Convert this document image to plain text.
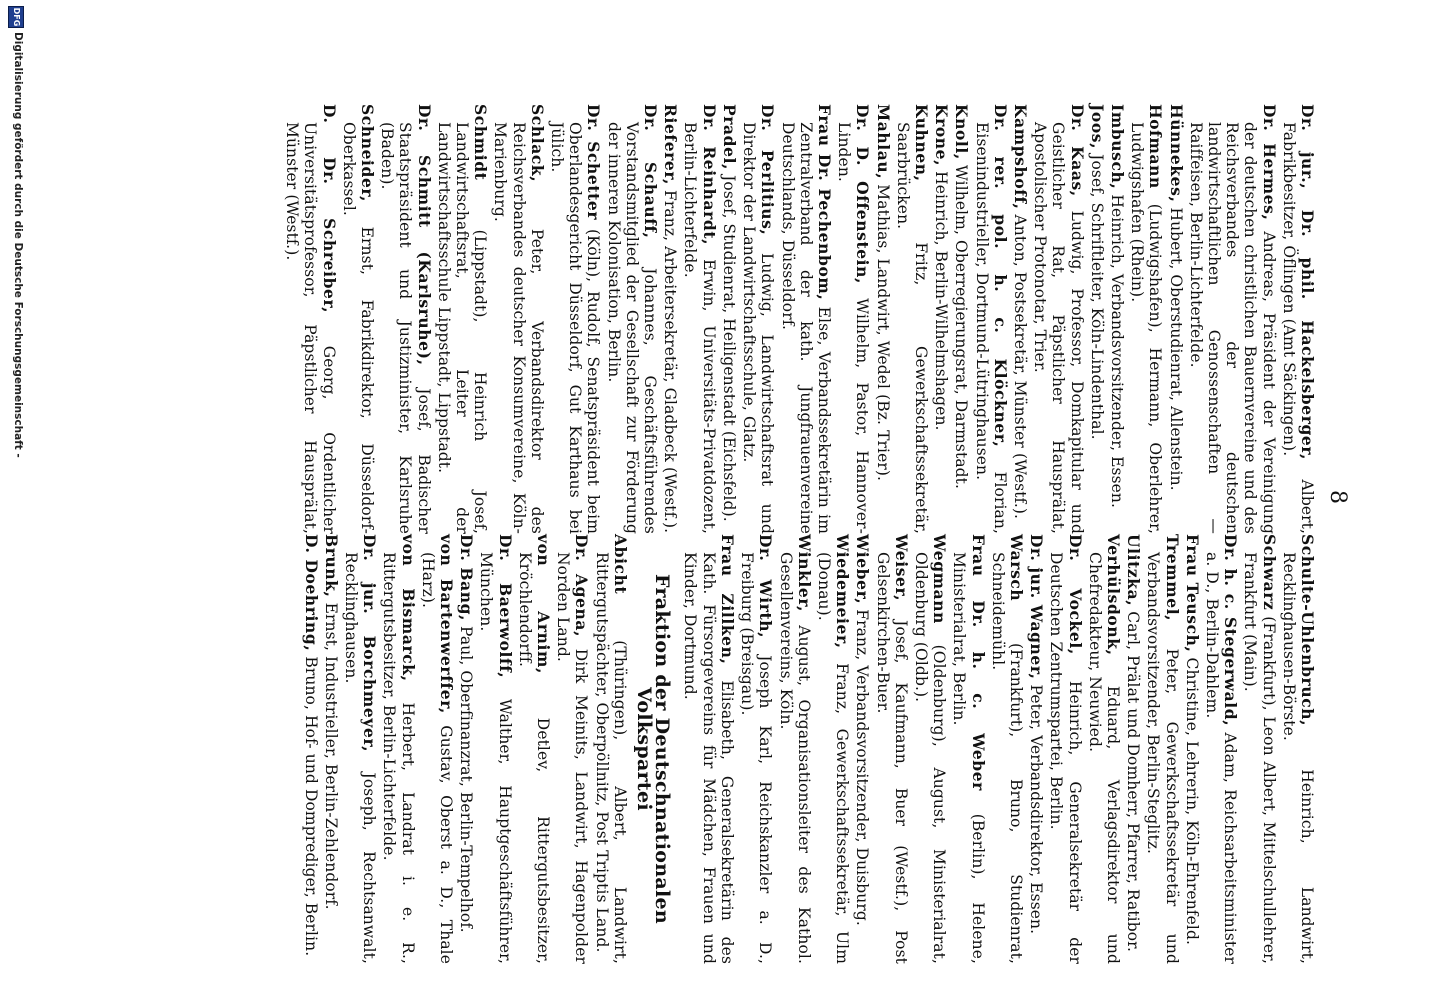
8

Dr. jur., Dr. phil. Hackelsberger, Albert, Fabrikbesitzer, Öflingen (Amt Säckingen).

Dr. Hermes, Andreas, Präsident der Vereinigung der deutschen christlichen Bauernvereine und des Reichsverbandes der deutschen landwirtschaftlichen Genossenschaften — Raiffeisen, Berlin-Lichterfelde.

Hünnekes, Hubert, Oberstudienrat, Allenstein.

Hofmann (Ludwigshafen), Hermann, Oberlehrer, Ludwigshafen (Rhein).

Imbusch, Heinrich, Verbandsvorsitzender, Essen.

Joos, Josef, Schriftleiter, Köln-Lindenthal.

Dr. Kaas, Ludwig, Professor, Domkapitular und Geistlicher Rat, Päpstlicher Hausprälat, Apostolischer Protonotar, Trier.

Kampshoff, Anton, Postsekretär, Münster (Westf.).

Dr. rer. pol. h. c. Klöckner, Florian, Eisenindustrieller, Dortmund-Lütringhausen.

Knoll, Wilhelm, Oberregierungsrat, Darmstadt.

Krone, Heinrich, Berlin-Wilhelmshagen.

Kuhnen, Fritz, Gewerkschaftssekretär, Saarbrücken.

Mahlau, Mathias, Landwirt, Wedel (Bz. Trier).

Dr. D. Offenstein, Wilhelm, Pastor, Hannover-Linden.

Frau Dr. Pechenbom, Else, Verbandssekretärin im Zentralverband der kath. Jungfrauenvereine Deutschlands, Düsseldorf.

Dr. Perlitius, Ludwig, Landwirtschaftsrat und Direktor der Landwirtschaftsschule, Glatz.

Pradel, Josef, Studienrat, Heiligenstadt (Eichsfeld).

Dr. Reinhardt, Erwin, Universitäts-Privatdozent, Berlin-Lichterfelde.

Rieferer, Franz, Arbeitersekretär, Gladbeck (Westf.).

Dr. Schauff, Johannes, Geschäftsführendes Vorstandsmitglied der Gesellschaft zur Förderung der inneren Kolonisation, Berlin.

Dr. Schetter (Köln), Rudolf, Senatspräsident beim Oberlandesgericht Düsseldorf, Gut Karthaus bei Jülich.

Schlack, Peter, Verbandsdirektor des Reichsverbandes deutscher Konsumvereine, Köln-Marienburg.

Schmidt (Lippstadt), Heinrich Josef, Landwirtschaftsrat, Leiter der Landwirtschaftsschule Lippstadt, Lippstadt.

Dr. Schmitt (Karlsruhe), Josef, Badischer Staatspräsident und Justizminister, Karlsruhe (Baden).

Schneider, Ernst, Fabrikdirektor, Düsseldorf-Oberkassel.

D. Dr. Schreiber, Georg, Ordentlicher Universitätsprofessor, Päpstlicher Hausprälat, Münster (Westf.).

Schulte-Uhlenbruch, Heinrich, Landwirt, Recklinghausen-Börste.

Schwarz (Frankfurt), Leon Albert, Mittelschullehrer, Frankfurt (Main).

Dr. h. c. Stegerwald, Adam, Reichsarbeitsminister a. D., Berlin-Dahlem.

Frau Teusch, Christine, Lehrerin, Köln-Ehrenfeld.

Tremmel, Peter, Gewerkschaftssekretär und Verbandsvorsitzender, Berlin-Steglitz.

Ulitzka, Carl, Prälat und Domherr, Pfarrer, Ratibor.

Verhülsdonk, Eduard, Verlagsdirektor und Chefredakteur, Neuwied.

Dr. Vockel, Heinrich, Generalsekretär der Deutschen Zentrumspartei, Berlin.

Dr. jur. Wagner, Peter, Verbandsdirektor, Essen.

Warsch (Frankfurt), Bruno, Studienrat, Schneidemühl.

Frau Dr. h. c. Weber (Berlin), Helene, Ministerialrat, Berlin.

Wegmann (Oldenburg), August, Ministerialrat, Oldenburg (Oldb.).

Weiser, Josef, Kaufmann, Buer (Westf.), Post Gelsenkirchen-Buer.

Wieber, Franz, Verbandsvorsitzender, Duisburg.

Wiedemeier, Franz, Gewerkschaftssekretär, Ulm (Donau).

Winkler, August, Organisationsleiter des Kathol. Gesellenvereins, Köln.

Dr. Wirth, Joseph Karl, Reichskanzler a. D., Freiburg (Breisgau).

Frau Zillken, Elisabeth, Generalsekretärin des Kath. Fürsorgevereins für Mädchen, Frauen und Kinder, Dortmund.

Fraktion der Deutschnationalen Volkspartei

Abicht (Thüringen), Albert, Landwirt, Rittergutspächter, Oberpöllnitz, Post Triptis Land.

Dr. Agena, Dirk Meinits, Landwirt, Hagenpolder Norden Land.

von Arnim, Detlev, Rittergutsbesitzer, Kröchlendorff.

Dr. Baerwolff, Walther, Hauptgeschäftsführer, München.

Dr. Bang, Paul, Oberfinanzrat, Berlin-Tempelhof.

von Bartenwerffer, Gustav, Oberst a. D., Thale (Harz).

von Bismarck, Herbert, Landrat i. e. R., Rittergutsbesitzer, Berlin-Lichterfelde.

Dr. jur. Borchmeyer, Joseph, Rechtsanwalt, Recklinghausen.

Brunk, Ernst, Industrieller, Berlin-Zehlendorf.

D. Doehring, Bruno, Hof- und Domprediger, Berlin.

DFG
Digitalisierung gefördert durch die Deutsche Forschungsgemeinschaft -
